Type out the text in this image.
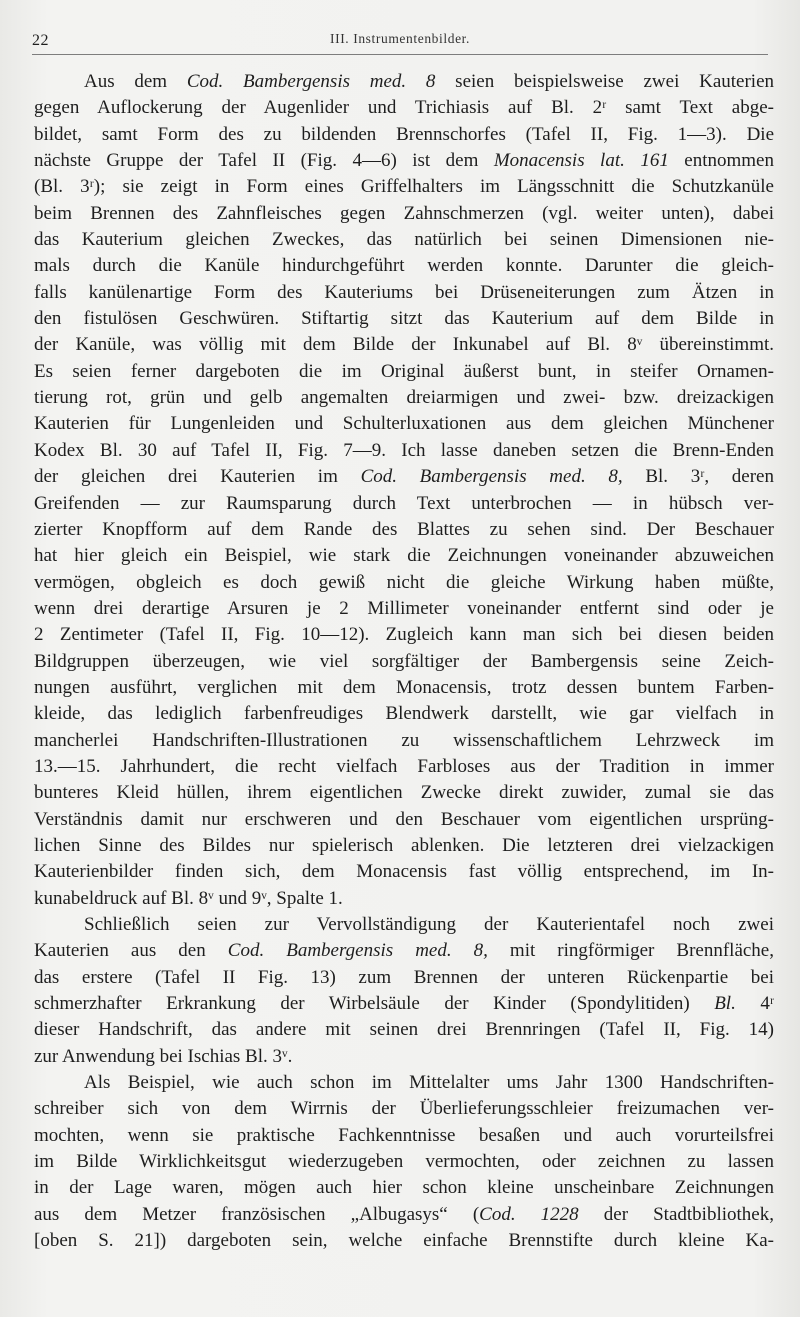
22	III. Instrumentenbilder.
Aus dem Cod. Bambergensis med. 8 seien beispielsweise zwei Kauterien
gegen Auflockerung der Augenlider und Trichiasis auf Bl. 2ʳ samt Text abge-
bildet, samt Form des zu bildenden Brennschorfes (Tafel II, Fig. 1—3). Die
nächste Gruppe der Tafel II (Fig. 4—6) ist dem Monacensis lat. 161 entnommen
(Bl. 3ʳ); sie zeigt in Form eines Griffelhalters im Längsschnitt die Schutzkanüle
beim Brennen des Zahnfleisches gegen Zahnschmerzen (vgl. weiter unten), dabei
das Kauterium gleichen Zweckes, das natürlich bei seinen Dimensionen nie-
mals durch die Kanüle hindurchgeführt werden konnte. Darunter die gleich-
falls kanülenartige Form des Kauteriums bei Drüseneiterungen zum Ätzen in
den fistulösen Geschwüren. Stiftartig sitzt das Kauterium auf dem Bilde in
der Kanüle, was völlig mit dem Bilde der Inkunabel auf Bl. 8ᵛ übereinstimmt.
Es seien ferner dargeboten die im Original äußerst bunt, in steifer Ornamen-
tierung rot, grün und gelb angemalten dreiarmigen und zwei- bzw. dreizackigen
Kauterien für Lungenleiden und Schulterluxationen aus dem gleichen Münchener
Kodex Bl. 30 auf Tafel II, Fig. 7—9. Ich lasse daneben setzen die Brenn-Enden
der gleichen drei Kauterien im Cod. Bambergensis med. 8, Bl. 3ʳ, deren
Greifenden — zur Raumsparung durch Text unterbrochen — in hübsch ver-
zierter Knopfform auf dem Rande des Blattes zu sehen sind. Der Beschauer
hat hier gleich ein Beispiel, wie stark die Zeichnungen voneinander abzuweichen
vermögen, obgleich es doch gewiß nicht die gleiche Wirkung haben müßte,
wenn drei derartige Arsuren je 2 Millimeter voneinander entfernt sind oder je
2 Zentimeter (Tafel II, Fig. 10—12). Zugleich kann man sich bei diesen beiden
Bildgruppen überzeugen, wie viel sorgfältiger der Bambergensis seine Zeich-
nungen ausführt, verglichen mit dem Monacensis, trotz dessen buntem Farben-
kleide, das lediglich farbenfreudiges Blendwerk darstellt, wie gar vielfach in
mancherlei Handschriften-Illustrationen zu wissenschaftlichem Lehrzweck im
13.—15. Jahrhundert, die recht vielfach Farbloses aus der Tradition in immer
bunteres Kleid hüllen, ihrem eigentlichen Zwecke direkt zuwider, zumal sie das
Verständnis damit nur erschweren und den Beschauer vom eigentlichen ursprüng-
lichen Sinne des Bildes nur spielerisch ablenken. Die letzteren drei vielzackigen
Kauterienbilder finden sich, dem Monacensis fast völlig entsprechend, im In-
kunabeldruck auf Bl. 8ᵛ und 9ᵛ, Spalte 1.
Schließlich seien zur Vervollständigung der Kauterientafel noch zwei
Kauterien aus den Cod. Bambergensis med. 8, mit ringförmiger Brennfläche,
das erstere (Tafel II Fig. 13) zum Brennen der unteren Rückenpartie bei
schmerzhafter Erkrankung der Wirbelsäule der Kinder (Spondylitiden) Bl. 4ʳ
dieser Handschrift, das andere mit seinen drei Brennringen (Tafel II, Fig. 14)
zur Anwendung bei Ischias Bl. 3ᵛ.
Als Beispiel, wie auch schon im Mittelalter ums Jahr 1300 Handschriften-
schreiber sich von dem Wirrnis der Überlieferungsschleier freizumachen ver-
mochten, wenn sie praktische Fachkenntnisse besaßen und auch vorurteilsfrei
im Bilde Wirklichkeitsgut wiederzugeben vermochten, oder zeichnen zu lassen
in der Lage waren, mögen auch hier schon kleine unscheinbare Zeichnungen
aus dem Metzer französischen „Albugasys“ (Cod. 1228 der Stadtbibliothek,
[oben S. 21]) dargeboten sein, welche einfache Brennstifte durch kleine Ka-
